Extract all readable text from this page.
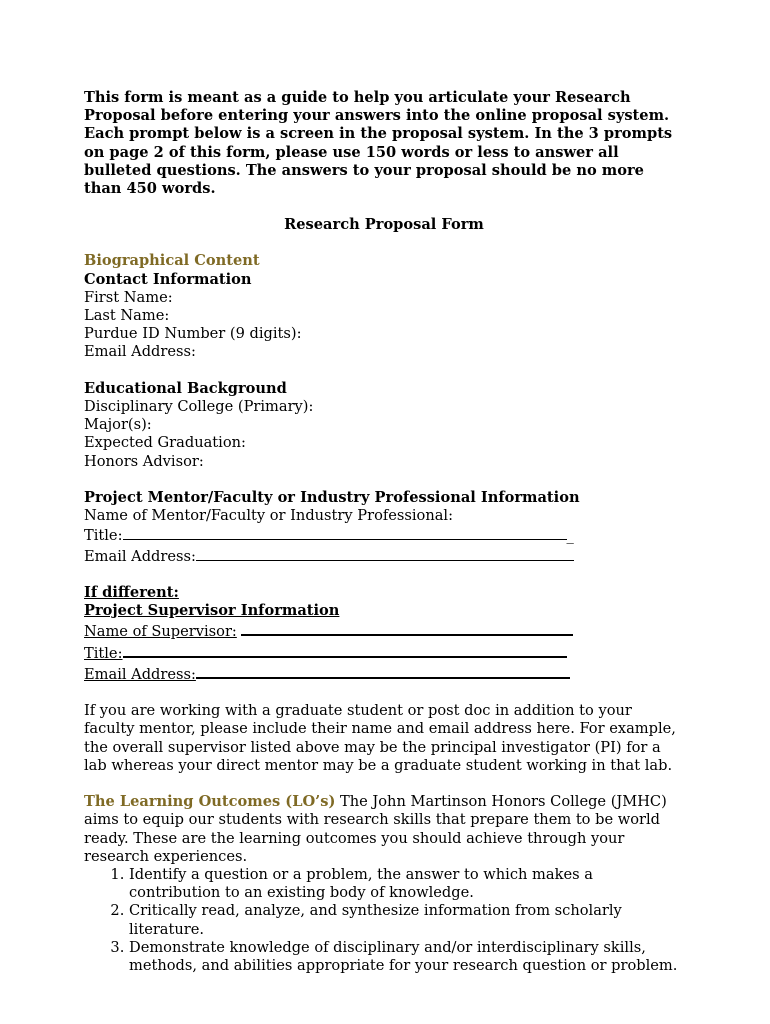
This form is meant as a guide to help you articulate your Research Proposal before entering your answers into the online proposal system. Each prompt below is a screen in the proposal system. In the 3 prompts on page 2 of this form, please use 150 words or less to answer all bulleted questions. The answers to your proposal should be no more than 450 words.

Research Proposal Form
Biographical Content
Contact Information
First Name:
Last Name:
Purdue ID Number (9 digits):
Email Address:
Educational Background
Disciplinary College (Primary):
Major(s):
Expected Graduation:
Honors Advisor:
Project Mentor/Faculty or Industry Professional Information
Name of Mentor/Faculty or Industry Professional:
Title:	_
Email Address:
If different:
Project Supervisor Information
Name of Supervisor:
Title:
Email Address:

If you are working with a graduate student or post doc in addition to your faculty mentor, please include their name and email address here. For example, the overall supervisor listed above may be the principal investigator (PI) for a lab whereas your direct mentor may be a graduate student working in that lab.

The Learning Outcomes (LO’s) The John Martinson Honors College (JMHC) aims to equip our students with research skills that prepare them to be world ready. These are the learning outcomes you should achieve through your research experiences.

1. Identify a question or a problem, the answer to which makes a contribution to an existing body of knowledge.
2. Critically read, analyze, and synthesize information from scholarly literature.
3. Demonstrate knowledge of disciplinary and/or interdisciplinary skills, methods, and abilities appropriate for your research question or problem.
